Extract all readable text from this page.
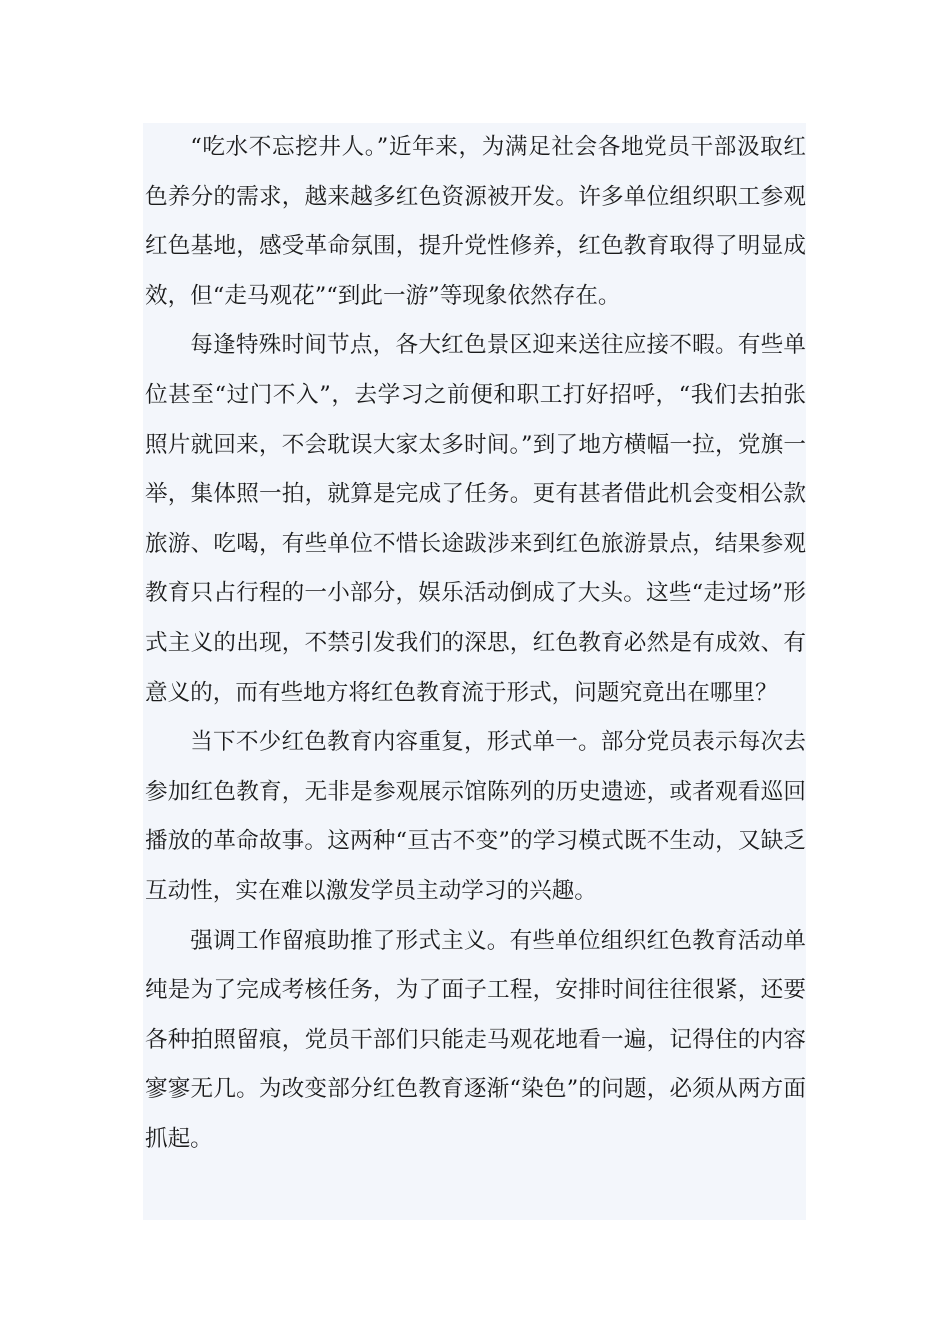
“吃水不忘挖井人。”近年来，为满足社会各地党员干部汲取红色养分的需求，越来越多红色资源被开发。许多单位组织职工参观红色基地，感受革命氛围，提升党性修养，红色教育取得了明显成效，但“走马观花”“到此一游”等现象依然存在。

每逢特殊时间节点，各大红色景区迎来送往应接不暇。有些单位甚至“过门不入”，去学习之前便和职工打好招呼，“我们去拍张照片就回来，不会耽误大家太多时间。”到了地方横幅一拉，党旗一举，集体照一拍，就算是完成了任务。更有甚者借此机会变相公款旅游、吃喝，有些单位不惜长途跋涉来到红色旅游景点，结果参观教育只占行程的一小部分，娱乐活动倒成了大头。这些“走过场”形式主义的出现，不禁引发我们的深思，红色教育必然是有成效、有意义的，而有些地方将红色教育流于形式，问题究竟出在哪里？

当下不少红色教育内容重复，形式单一。部分党员表示每次去参加红色教育，无非是参观展示馆陈列的历史遗迹，或者观看巡回播放的革命故事。这两种“亘古不变”的学习模式既不生动，又缺乏互动性，实在难以激发学员主动学习的兴趣。

强调工作留痕助推了形式主义。有些单位组织红色教育活动单纯是为了完成考核任务，为了面子工程，安排时间往往很紧，还要各种拍照留痕，党员干部们只能走马观花地看一遍，记得住的内容寥寥无几。为改变部分红色教育逐渐“染色”的问题，必须从两方面抓起。
